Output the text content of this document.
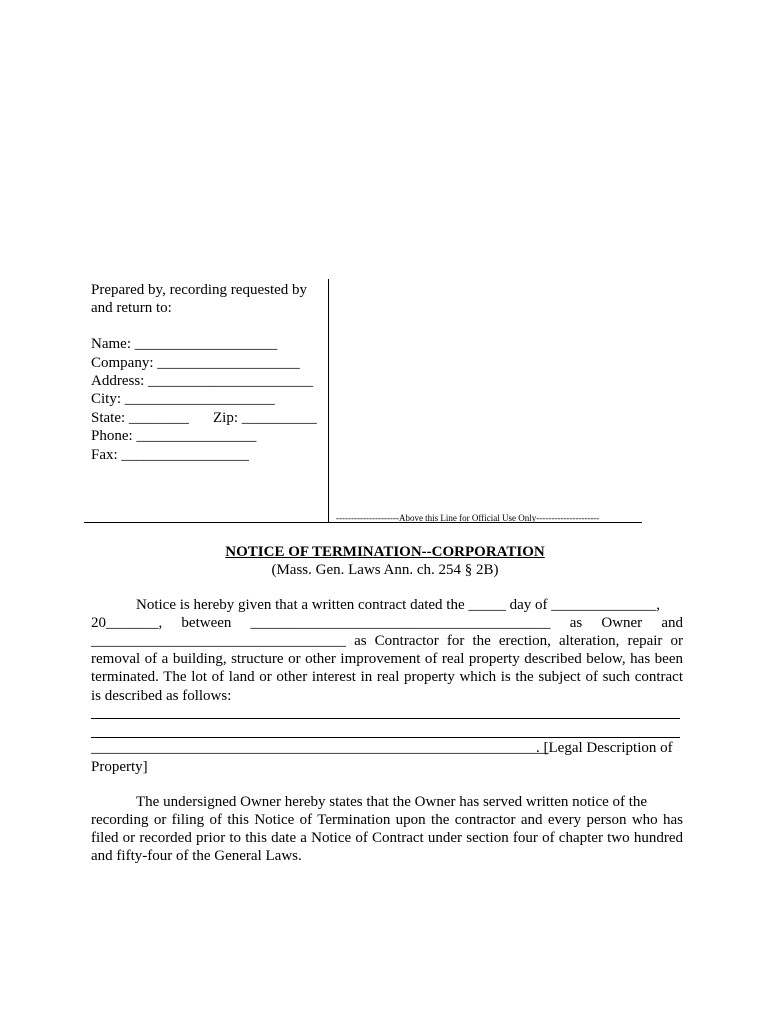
Prepared by, recording requested by
and return to:
Name: ___________________
Company: ___________________
Address: ______________________
City: ____________________
State: ________ Zip: __________
Phone: ________________
Fax: _________________
---------------------Above this Line for Official Use Only---------------------
NOTICE OF TERMINATION--CORPORATION
(Mass. Gen. Laws Ann. ch. 254 § 2B)
Notice is hereby given that a written contract dated the _____ day of ______________,
20_______, between ________________________________________ as Owner and
__________________________________ as Contractor for the erection, alteration, repair or
removal of a building, structure or other improvement of real property described below, has been
terminated. The lot of land or other interest in real property which is the subject of such contract
is described as follows:
_____________________________________________________________
. [Legal Description of
Property]
The undersigned Owner hereby states that the Owner has served written notice of the
recording or filing of this Notice of Termination upon the contractor and every person who has
filed or recorded prior to this date a Notice of Contract under section four of chapter two hundred
and fifty-four of the General Laws.
